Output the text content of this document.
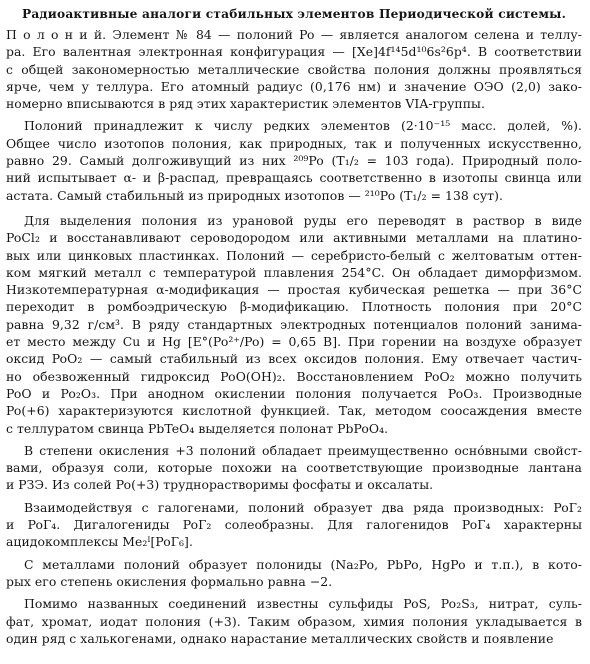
Радиоактивные аналоги стабильных элементов Периодической системы.
П о л о н и й. Элемент № 84 — полоний Po — является аналогом селена и теллу-
ра. Его валентная электронная конфигурация — [Xe]4f¹⁴5d¹⁰6s²6p⁴. В соответствии
с общей закономерностью металлические свойства полония должны проявляться
ярче, чем у теллура. Его атомный радиус (0,176 нм) и значение ОЭО (2,0) зако-
номерно вписываются в ряд этих характеристик элементов VIA-группы.
Полоний принадлежит к числу редких элементов (2·10⁻¹⁵ масс. долей, %).
Общее число изотопов полония, как природных, так и полученных искусственно,
равно 29. Самый долгоживущий из них ²⁰⁹Po (T₁/₂ = 103 года). Природный поло-
ний испытывает α- и β-распад, превращаясь соответственно в изотопы свинца или
астата. Самый стабильный из природных изотопов — ²¹⁰Po (T₁/₂ = 138 сут).
Для выделения полония из урановой руды его переводят в раствор в виде
PoCl₂ и восстанавливают сероводородом или активными металлами на платино-
вых или цинковых пластинках. Полоний — серебристо-белый с желтоватым оттен-
ком мягкий металл с температурой плавления 254°C. Он обладает диморфизмом.
Низкотемпературная α-модификация — простая кубическая решетка — при 36°C
переходит в ромбоэдрическую β-модификацию. Плотность полония при 20°C
равна 9,32 г/см³. В ряду стандартных электродных потенциалов полоний занима-
ет место между Cu и Hg [E°(Po²⁺/Po) = 0,65 В]. При горении на воздухе образует
оксид PoO₂ — самый стабильный из всех оксидов полония. Ему отвечает частич-
но обезвоженный гидроксид PoO(OH)₂. Восстановлением PoO₂ можно получить
PoO и Po₂O₃. При анодном окислении полония получается PoO₃. Производные
Po(+6) характеризуются кислотной функцией. Так, методом соосаждения вместе
с теллуратом свинца PbTeO₄ выделяется полонат PbPoO₄.
В степени окисления +3 полоний обладает преимущественно осно́вными свойст-
вами, образуя соли, которые похожи на соответствующие производные лантана
и РЗЭ. Из солей Po(+3) труднорастворимы фосфаты и оксалаты.
Взаимодействуя с галогенами, полоний образует два ряда производных: PoГ₂
и PoГ₄. Дигалогениды PoГ₂ солеобразны. Для галогенидов PoГ₄ характерны
ацидокомплексы Me₂ᴵ[PoГ₆].
С металлами полоний образует полониды (Na₂Po, PbPo, HgPo и т.п.), в кото-
рых его степень окисления формально равна −2.
Помимо названных соединений известны сульфиды PoS, Po₂S₃, нитрат, суль-
фат, хромат, иодат полония (+3). Таким образом, химия полония укладывается в
один ряд с халькогенами, однако нарастание металлических свойств и появление
